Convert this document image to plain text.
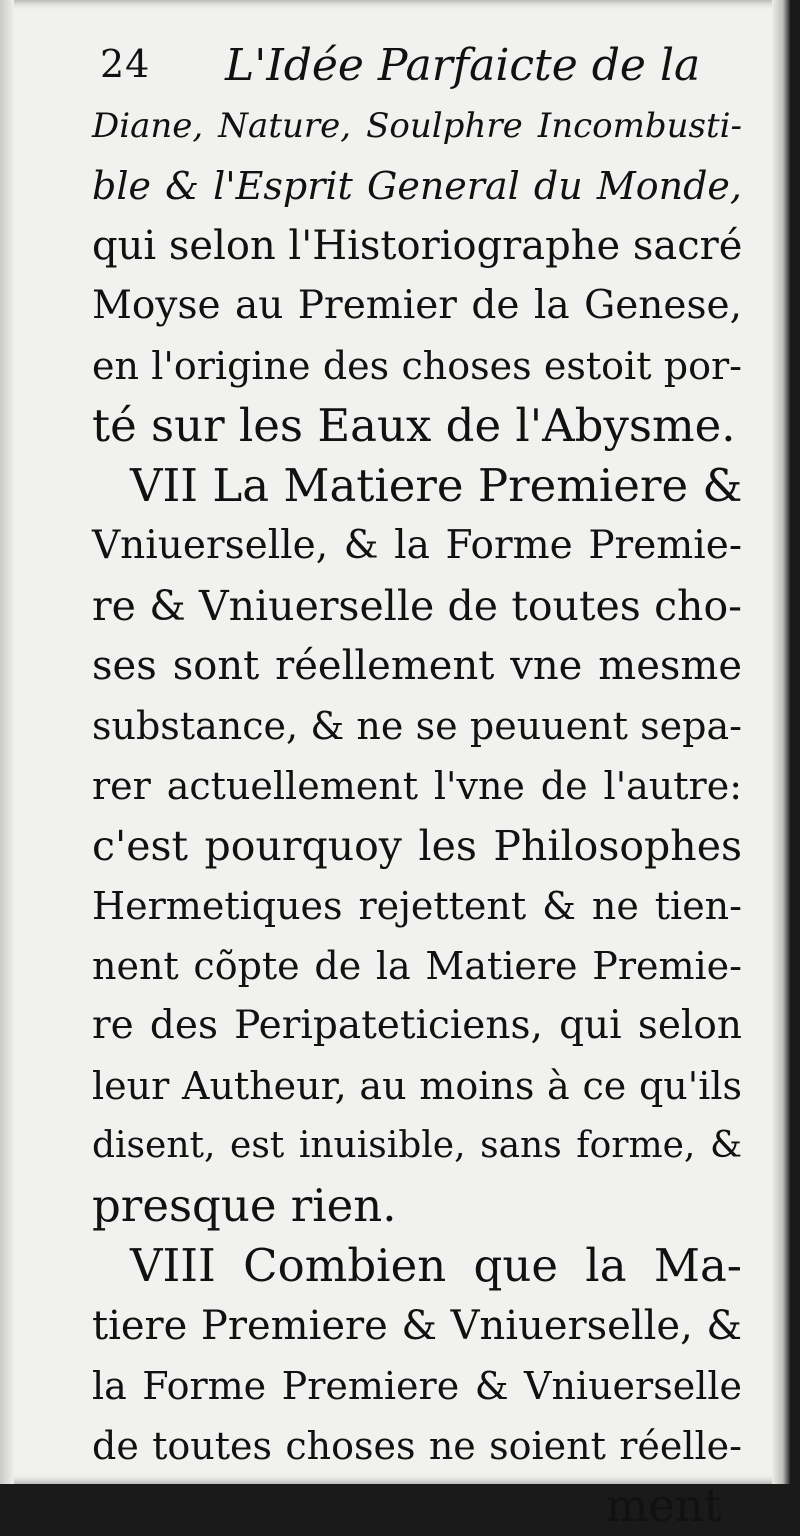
24 L'Idée Parfaicte de la
Diane, Nature, Soulphre Incombusti-
ble & l'Esprit General du Monde,
qui selon l'Historiographe sacré
Moyse au Premier de la Genese,
en l'origine des choses estoit por-
té sur les Eaux de l'Abysme.
VII La Matiere Premiere &
Vniuerselle, & la Forme Premie-
re & Vniuerselle de toutes cho-
ses sont réellement vne mesme
substance, & ne se peuuent sepa-
rer actuellement l'vne de l'autre:
c'est pourquoy les Philosophes
Hermetiques rejettent & ne tien-
nent cõpte de la Matiere Premie-
re des Peripateticiens, qui selon
leur Autheur, au moins à ce qu'ils
disent, est inuisible, sans forme, &
presque rien.
VIII Combien que la Ma-
tiere Premiere & Vniuerselle, &
la Forme Premiere & Vniuerselle
de toutes choses ne soient réelle-
ment
